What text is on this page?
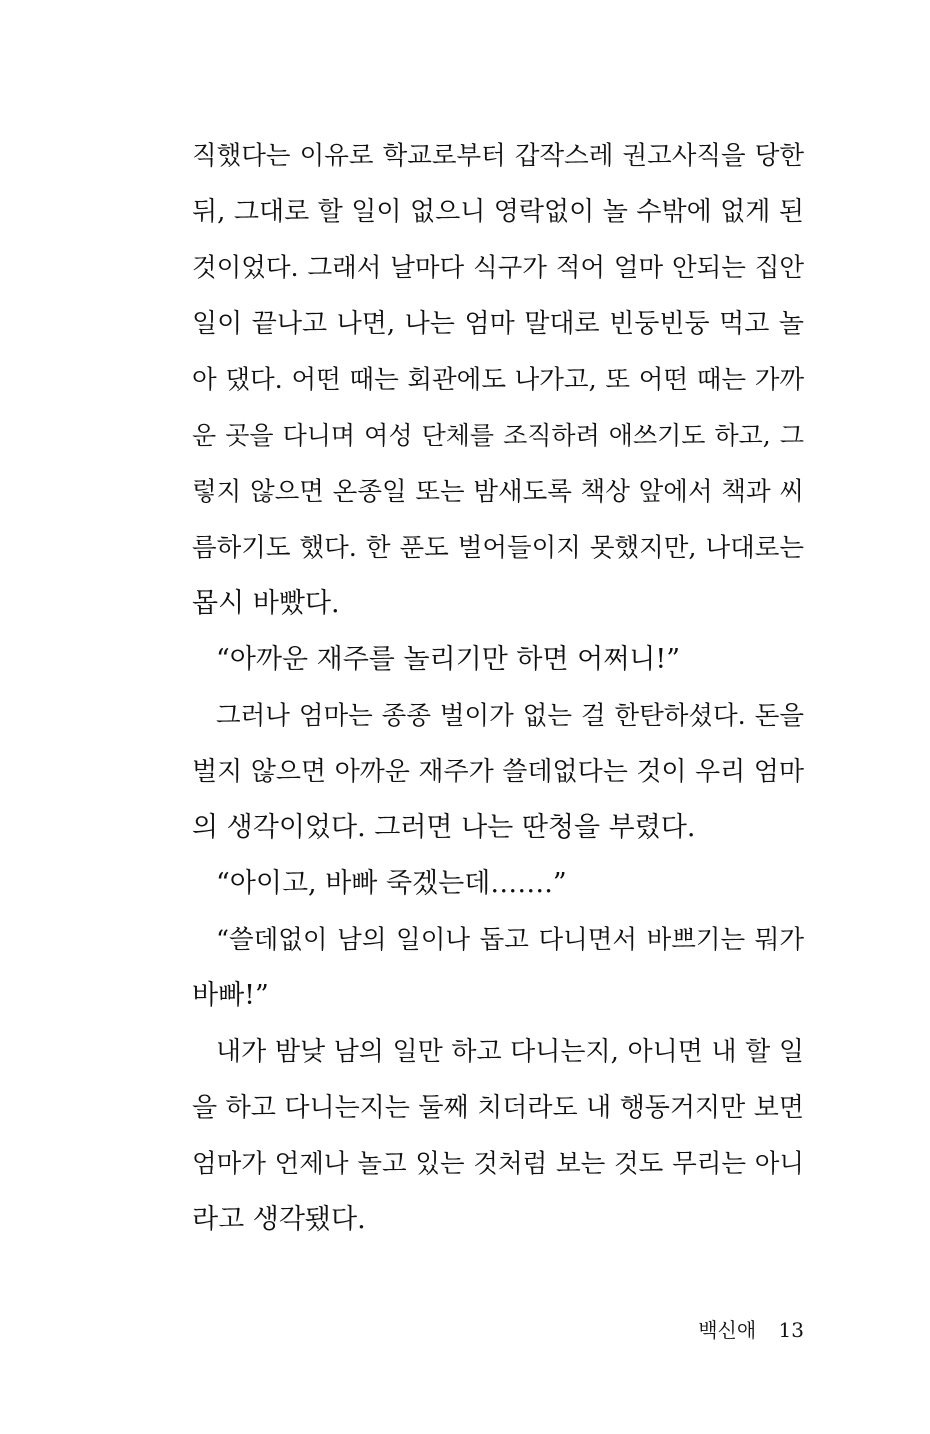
직했다는 이유로 학교로부터 갑작스레 권고사직을 당한
뒤, 그대로 할 일이 없으니 영락없이 놀 수밖에 없게 된
것이었다. 그래서 날마다 식구가 적어 얼마 안되는 집안
일이 끝나고 나면, 나는 엄마 말대로 빈둥빈둥 먹고 놀
아 댔다. 어떤 때는 회관에도 나가고, 또 어떤 때는 가까
운 곳을 다니며 여성 단체를 조직하려 애쓰기도 하고, 그
렇지 않으면 온종일 또는 밤새도록 책상 앞에서 책과 씨
름하기도 했다. 한 푼도 벌어들이지 못했지만, 나대로는
몹시 바빴다.
“아까운 재주를 놀리기만 하면 어쩌니!”
그러나 엄마는 종종 벌이가 없는 걸 한탄하셨다. 돈을
벌지 않으면 아까운 재주가 쓸데없다는 것이 우리 엄마
의 생각이었다. 그러면 나는 딴청을 부렸다.
“아이고, 바빠 죽겠는데…….”
“쓸데없이 남의 일이나 돕고 다니면서 바쁘기는 뭐가
바빠!”
내가 밤낮 남의 일만 하고 다니는지, 아니면 내 할 일
을 하고 다니는지는 둘째 치더라도 내 행동거지만 보면
엄마가 언제나 놀고 있는 것처럼 보는 것도 무리는 아니
라고 생각됐다.
백신애 13
